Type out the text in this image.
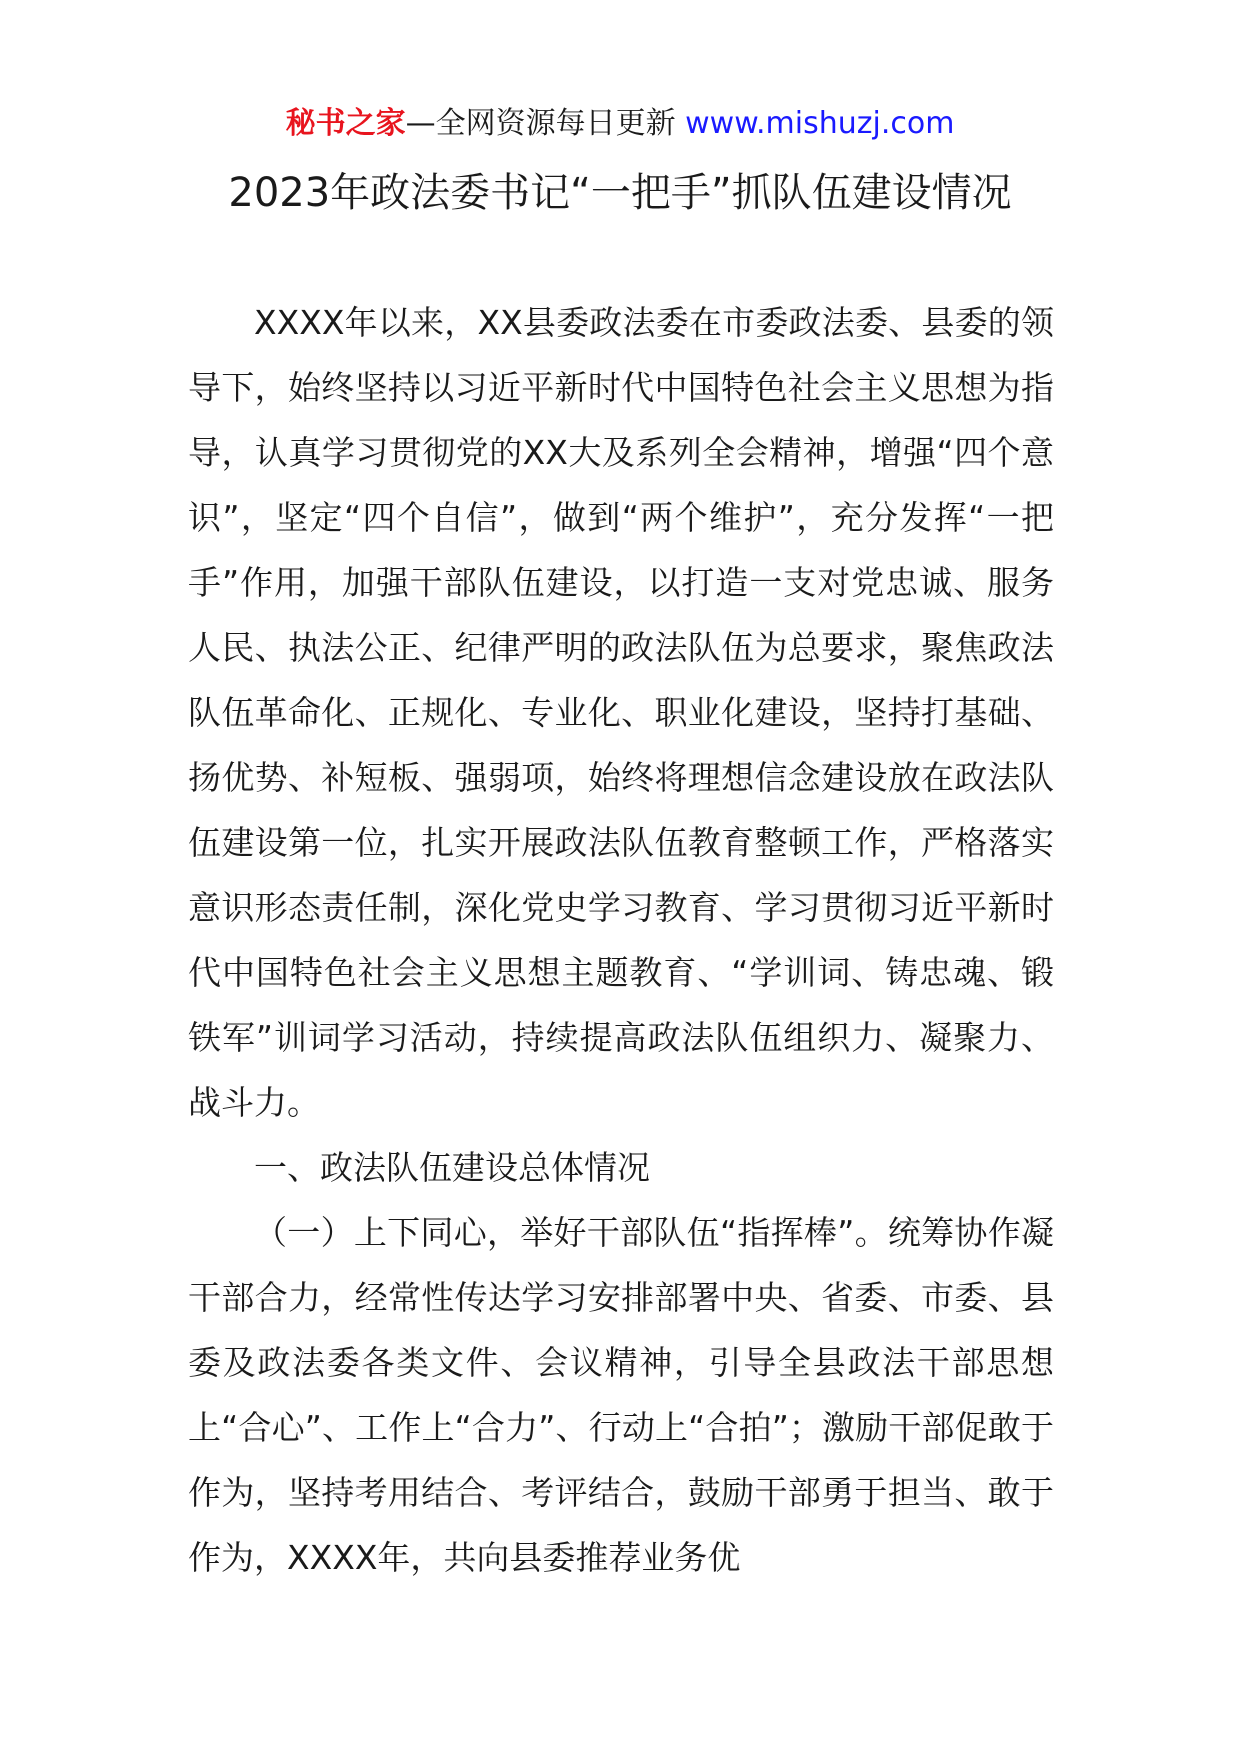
秘书之家—全网资源每日更新 www.mishuzj.com
2023年政法委书记“一把手”抓队伍建设情况

XXXX年以来，XX县委政法委在市委政法委、县委的领导下，始终坚持以习近平新时代中国特色社会主义思想为指导，认真学习贯彻党的XX大及系列全会精神，增强“四个意识”，坚定“四个自信”，做到“两个维护”，充分发挥“一把手”作用，加强干部队伍建设，以打造一支对党忠诚、服务人民、执法公正、纪律严明的政法队伍为总要求，聚焦政法队伍革命化、正规化、专业化、职业化建设，坚持打基础、扬优势、补短板、强弱项，始终将理想信念建设放在政法队伍建设第一位，扎实开展政法队伍教育整顿工作，严格落实意识形态责任制，深化党史学习教育、学习贯彻习近平新时代中国特色社会主义思想主题教育、“学训词、铸忠魂、锻铁军”训词学习活动，持续提高政法队伍组织力、凝聚力、战斗力。

一、政法队伍建设总体情况

（一）上下同心，举好干部队伍“指挥棒”。统筹协作凝干部合力，经常性传达学习安排部署中央、省委、市委、县委及政法委各类文件、会议精神，引导全县政法干部思想上“合心”、工作上“合力”、行动上“合拍”；激励干部促敢于作为，坚持考用结合、考评结合，鼓励干部勇于担当、敢于作为，XXXX年，共向县委推荐业务优
